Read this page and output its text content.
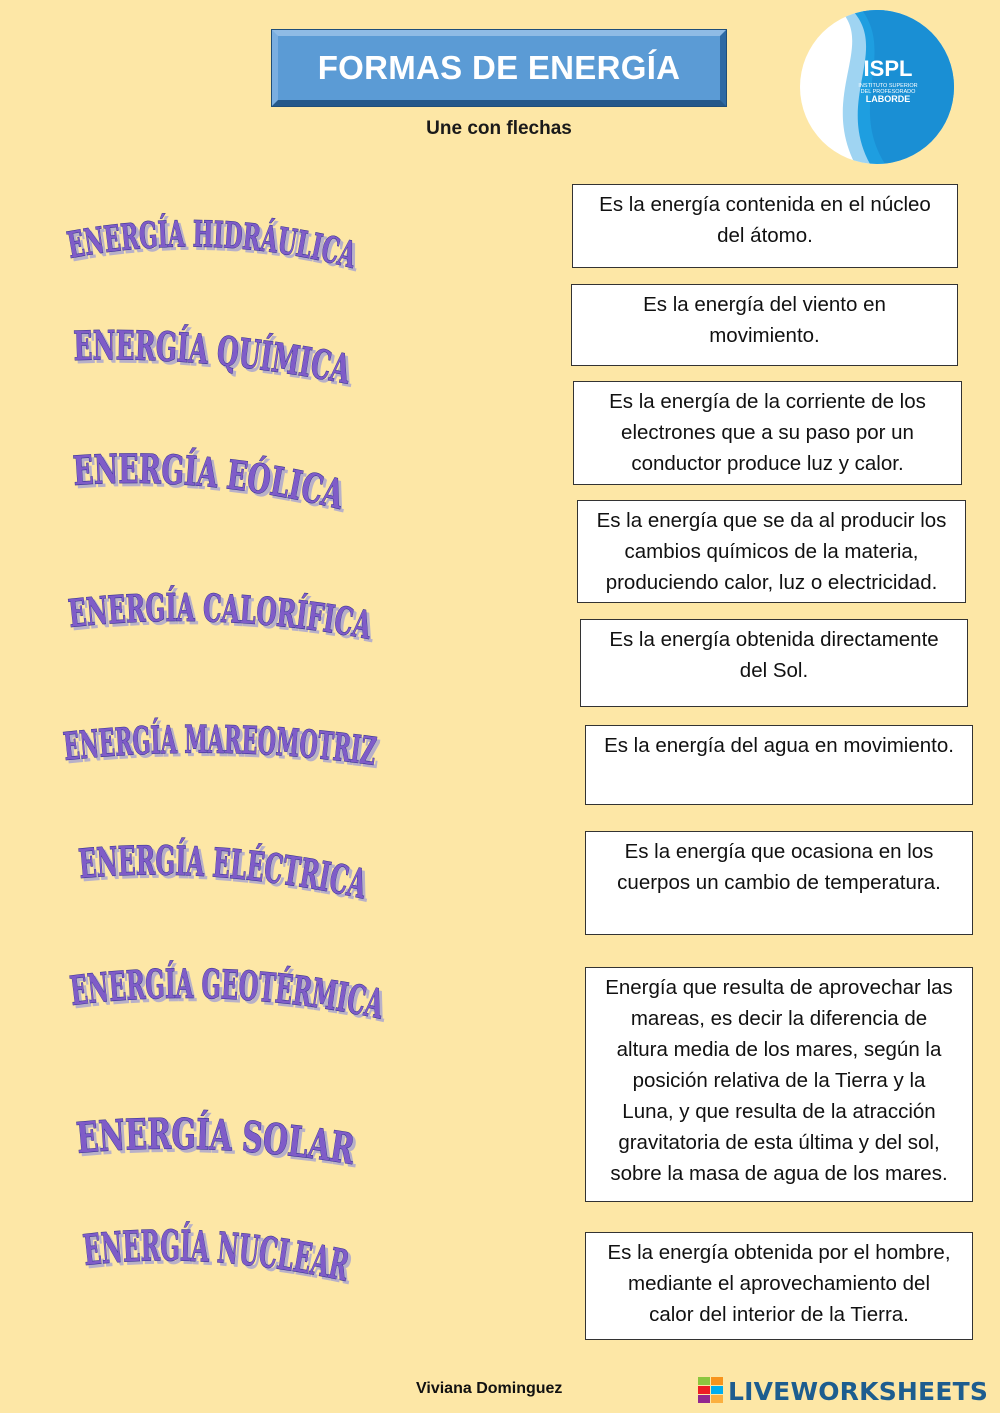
FORMAS DE ENERGÍA
Une con flechas
ISPL
INSTITUTO SUPERIOR
DEL PROFESORADO
LABORDE
ENERGÍA HIDRÁULICA
ENERGÍA QUÍMICA
ENERGÍA EÓLICA
ENERGÍA CALORÍFICA
ENERGÍA MAREOMOTRIZ
ENERGÍA ELÉCTRICA
ENERGÍA GEOTÉRMICA
ENERGÍA SOLAR
ENERGÍA NUCLEAR
Es la energía contenida en el núcleo
del átomo.
Es la energía del viento en
movimiento.
Es la energía de la corriente de los
electrones que a su paso por un
conductor produce luz y calor.
Es la energía que se da al producir los
cambios químicos de la materia,
produciendo calor, luz o electricidad.
Es la energía obtenida directamente
del Sol.
Es la energía del agua en movimiento.
Es la energía que ocasiona en los
cuerpos un cambio de temperatura.
Energía que resulta de aprovechar las
mareas, es decir la diferencia de
altura media de los mares, según la
posición relativa de la Tierra y la
Luna, y que resulta de la atracción
gravitatoria de esta última y del sol,
sobre la masa de agua de los mares.
Es la energía obtenida por el hombre,
mediante el aprovechamiento del
calor del interior de la Tierra.
Viviana Dominguez	LIVEWORKSHEETS
